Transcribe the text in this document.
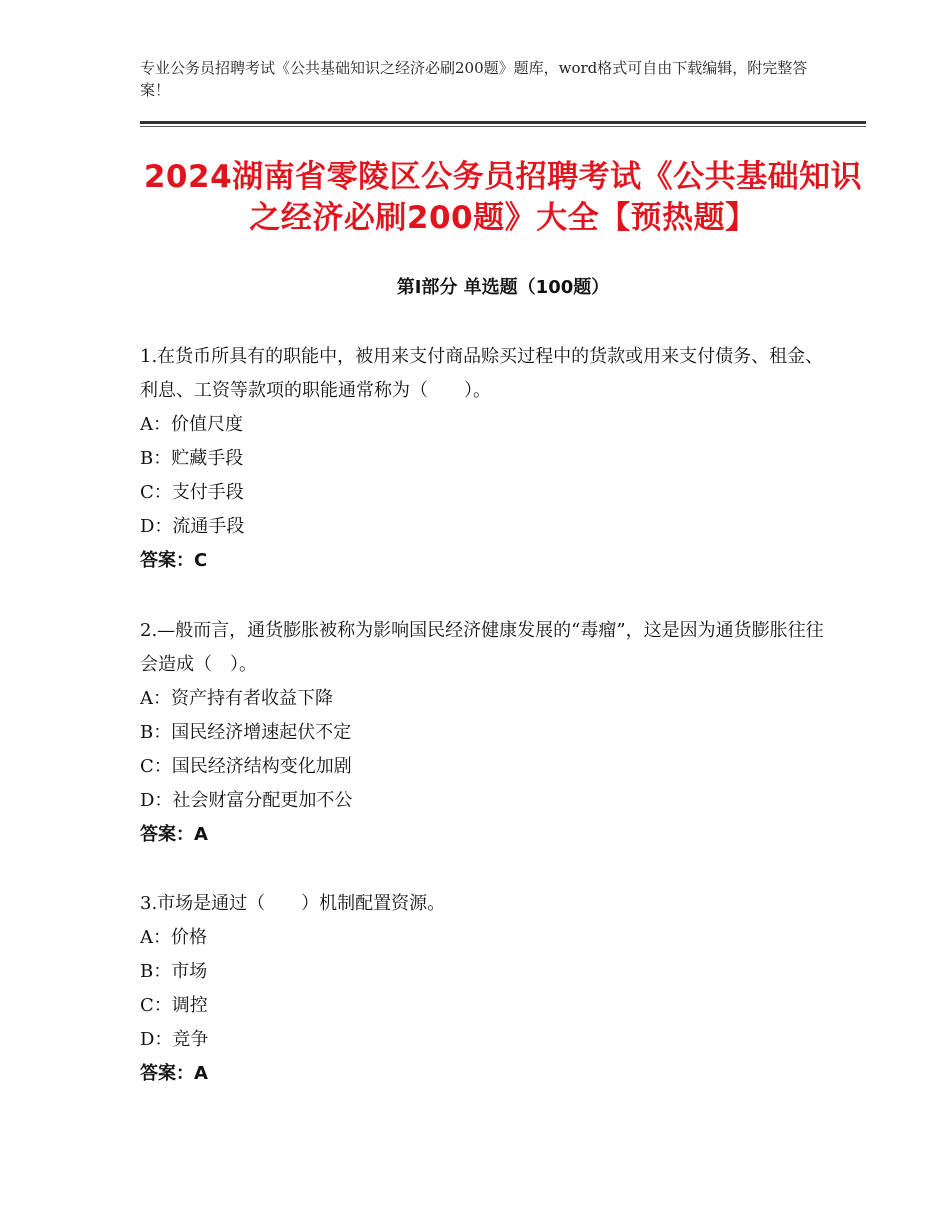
专业公务员招聘考试《公共基础知识之经济必刷200题》题库，word格式可自由下载编辑，附完整答案！
2024湖南省零陵区公务员招聘考试《公共基础知识之经济必刷200题》大全【预热题】
第Ⅰ部分 单选题（100题）
1.在货币所具有的职能中，被用来支付商品赊买过程中的货款或用来支付债务、租金、利息、工资等款项的职能通常称为（　　）。
A：价值尺度
B：贮藏手段
C：支付手段
D：流通手段
答案：C
2.—般而言，通货膨胀被称为影响国民经济健康发展的“毒瘤”，这是因为通货膨胀往往会造成（　）。
A：资产持有者收益下降
B：国民经济增速起伏不定
C：国民经济结构变化加剧
D：社会财富分配更加不公
答案：A
3.市场是通过（　　）机制配置资源。
A：价格
B：市场
C：调控
D：竞争
答案：A
